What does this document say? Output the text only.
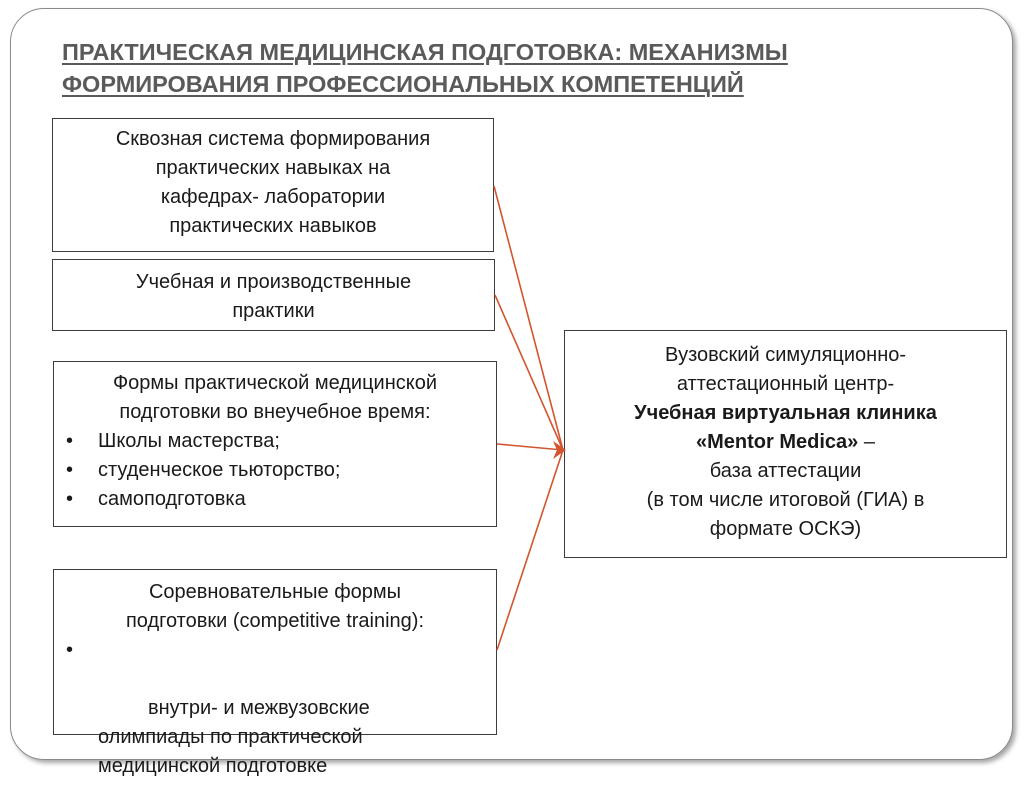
ПРАКТИЧЕСКАЯ МЕДИЦИНСКАЯ ПОДГОТОВКА: МЕХАНИЗМЫ
ФОРМИРОВАНИЯ ПРОФЕССИОНАЛЬНЫХ КОМПЕТЕНЦИЙ
Сквозная система формирования
практических навыках на
кафедрах- лаборатории
практических навыков
Учебная и производственные
практики
Формы практической медицинской
подготовки во внеучебное время:
• Школы мастерства;
• студенческое тьюторство;
• самоподготовка
Соревновательные формы
подготовки (competitive training):

•

внутри- и межвузовские олимпиады по практической медицинской подготовке

Вузовский симуляционно-
аттестационный центр-
Учебная виртуальная клиника
«Mentor Medica» –
база аттестации
(в том числе итоговой (ГИА) в
формате ОСКЭ)
